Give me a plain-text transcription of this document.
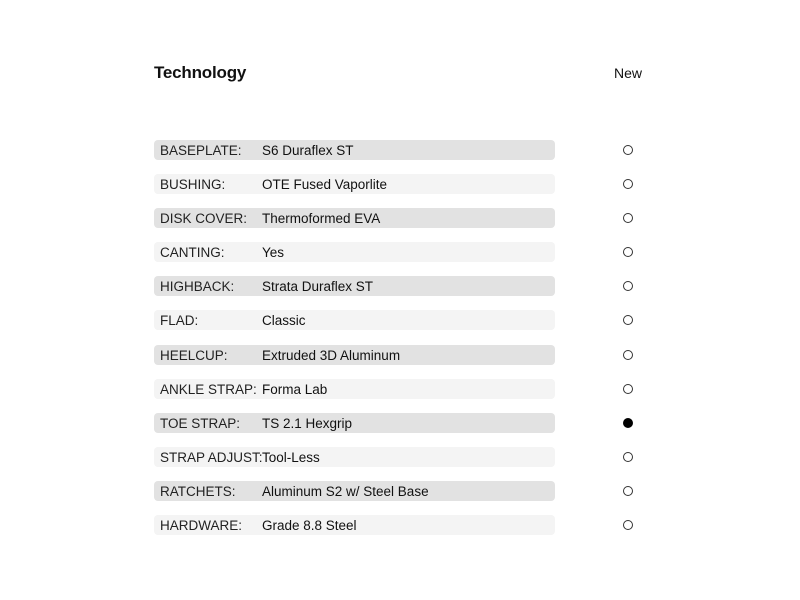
Technology	New
BASEPLATE: S6 Duraflex ST
BUSHING:	OTE Fused Vaporlite
DISK COVER: Thermoformed EVA
CANTING:	Yes
HIGHBACK: Strata Duraflex ST
FLAD:	Classic
HEELCUP:	Extruded 3D Aluminum
ANKLE STRAP: Forma Lab
TOE STRAP: TS 2.1 Hexgrip
STRAP ADJUST: Tool-Less
RATCHETS: Aluminum S2 w/ Steel Base
HARDWARE: Grade 8.8 Steel
